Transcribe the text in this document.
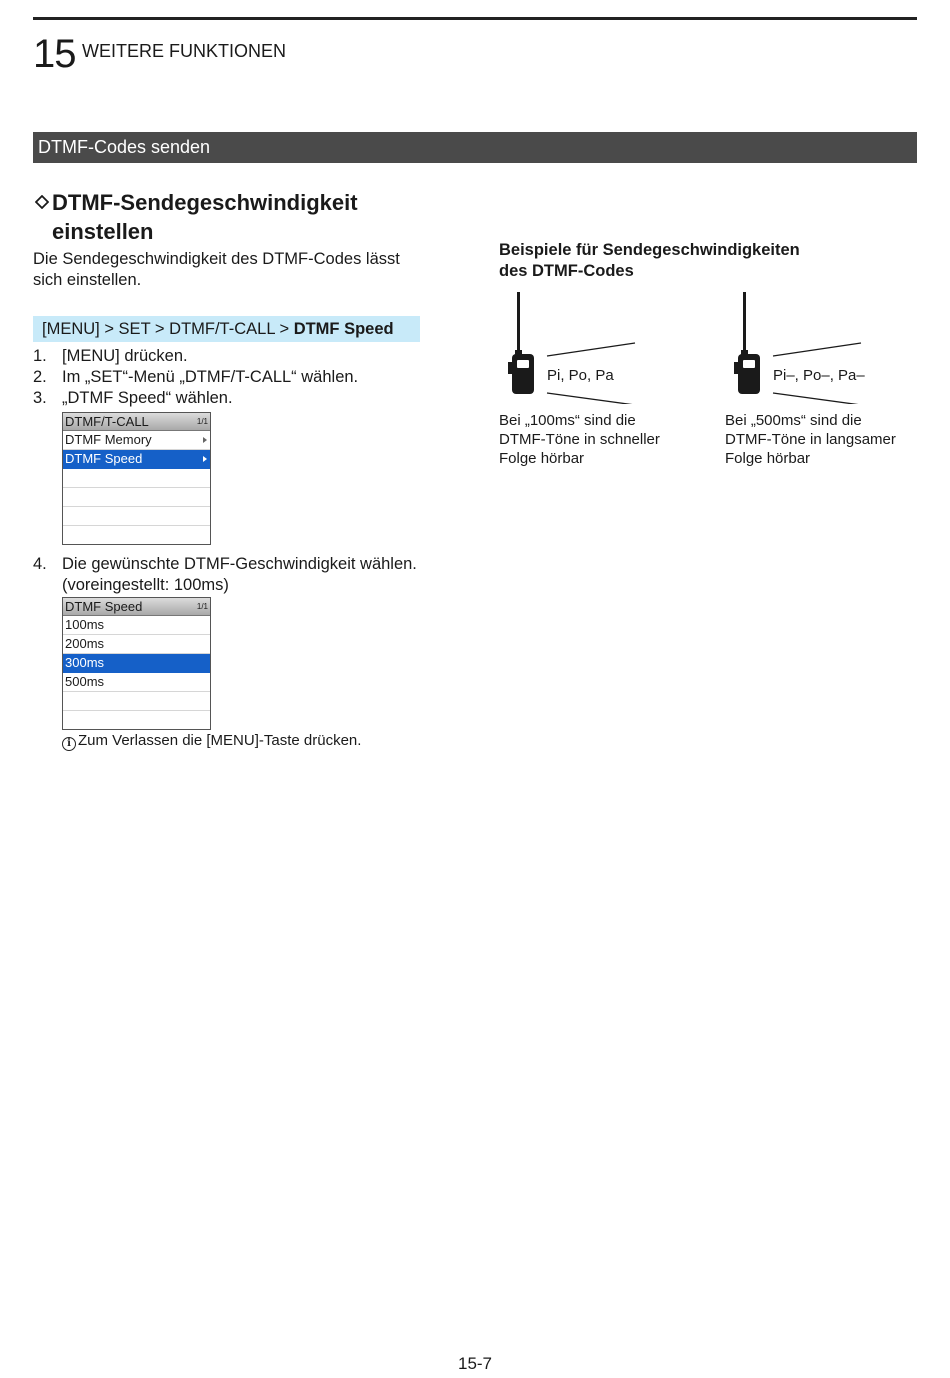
15 WEITERE FUNKTIONEN
DTMF-Codes senden
DTMF-Sendegeschwindigkeit
einstellen
Die Sendegeschwindigkeit des DTMF-Codes lässt
sich einstellen.
[MENU] > SET > DTMF/T-CALL > DTMF Speed
1. [MENU] drücken.
2. Im „SET“-Menü „DTMF/T-CALL“ wählen.
3. „DTMF Speed“ wählen.
DTMF/T-CALL	1/1
DTMF Memory
DTMF Speed
4. Die gewünschte DTMF-Geschwindigkeit wählen.
(voreingestellt: 100ms)
DTMF Speed	1/1
100ms
200ms
300ms
500ms
i Zum Verlassen die [MENU]-Taste drücken.
Beispiele für Sendegeschwindigkeiten
des DTMF-Codes
Pi, Po, Pa
Bei „100ms“ sind die
DTMF-Töne in schneller
Folge hörbar
Pi–, Po–, Pa–
Bei „500ms“ sind die
DTMF-Töne in langsamer
Folge hörbar
15-7
